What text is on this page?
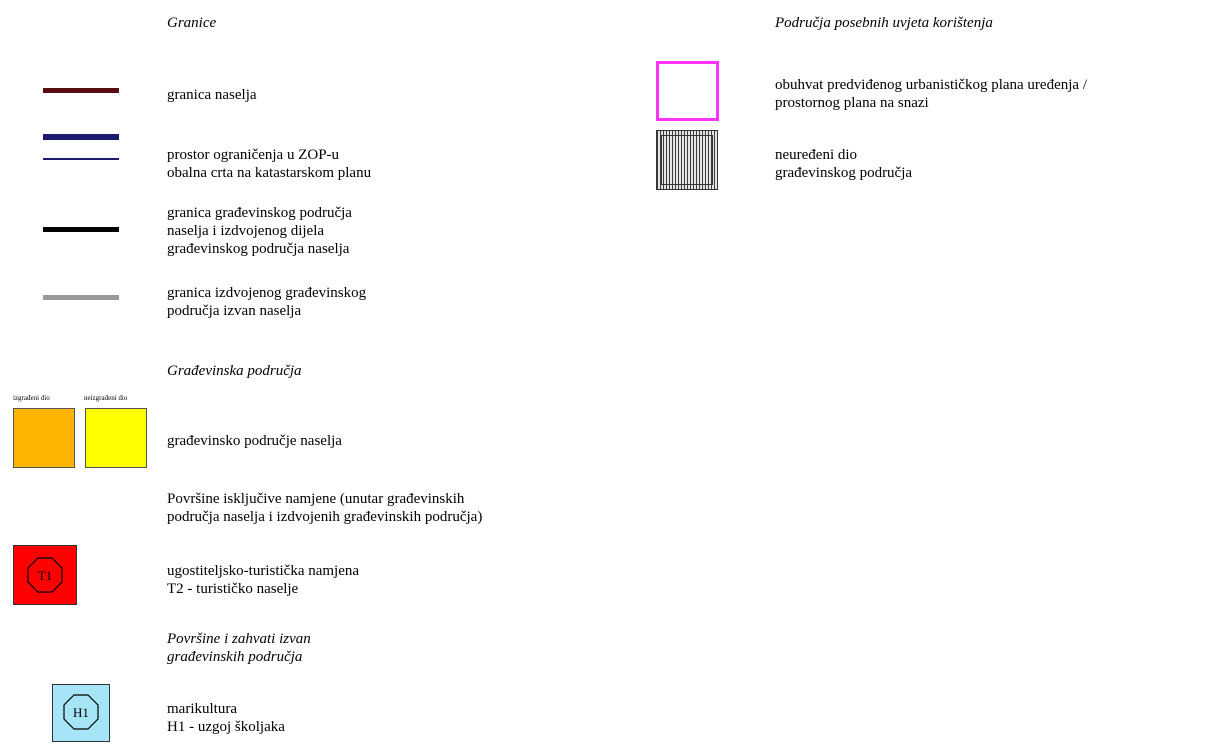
Granice
granica naselja
prostor ograničenja u ZOP-u
obalna crta na katastarskom planu
granica građevinskog područja
naselja i izdvojenog dijela
građevinskog područja naselja
granica izdvojenog građevinskog
područja izvan naselja
Građevinska područja
izgrađeni dio	neizgrađeni dio
građevinsko područje naselja
Površine isključive namjene (unutar građevinskih
područja naselja i izdvojenih građevinskih područja)
T1	ugostiteljsko-turistička namjena
T2 - turističko naselje
Površine i zahvati izvan
građevinskih područja
H1	marikultura
H1 - uzgoj školjaka
Područja posebnih uvjeta korištenja
obuhvat predviđenog urbanističkog plana uređenja /
prostornog plana na snazi
neuređeni dio
građevinskog područja
